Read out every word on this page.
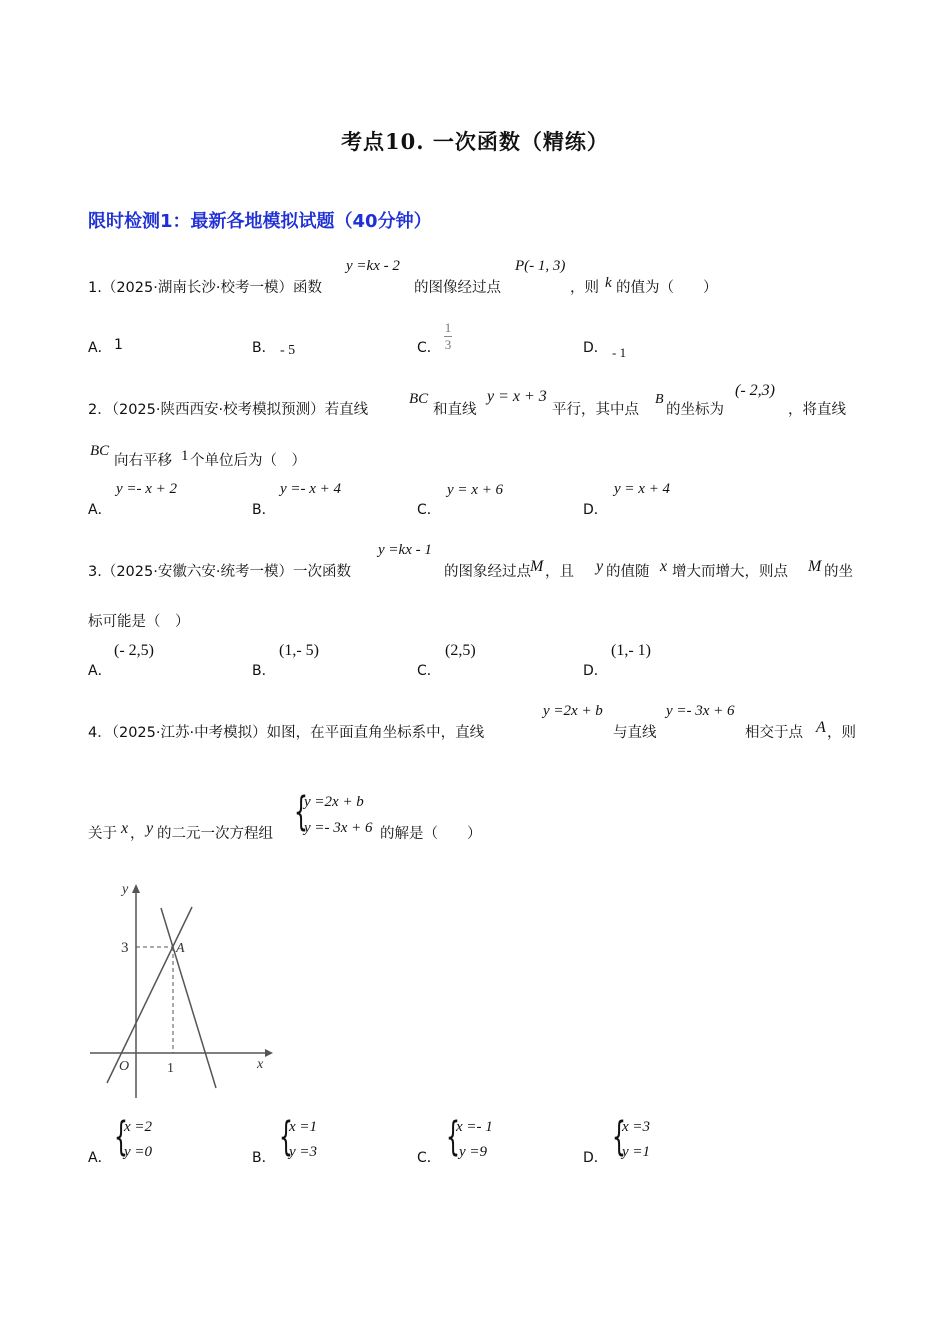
考点10. 一次函数（精练）
限时检测1：最新各地模拟试题（40分钟）
1.（2025·湖南长沙·校考一模）函数
y =kx - 2
的图像经过点
P(- 1, 3)
，则 k 的值为（　　）
A． 1	B． - 5	C．
1
3	D． - 1
2．（2025·陕西西安·校考模拟预测）若直线
BC
和直线
y = x + 3
平行，其中点
B
的坐标为
(- 2,3)
，将直线
BC
向右平移 1 个单位后为（　）
A．
y =- x + 2
B．
y =- x + 4
C．
y = x + 6
D．
y = x + 4
3.（2025·安徽六安·统考一模）一次函数
y =kx - 1
的图象经过点 M ，且 y 的值随 x 增大而增大，则点 M 的坐
标可能是（　）
A．
(- 2,5)
B．
(1,- 5)
C．
(2,5)
D．
(1,- 1)
4．（2025·江苏·中考模拟）如图，在平面直角坐标系中，直线
y =2x + b
与直线
y =- 3x + 6
相交于点 A ，则
关于 x ， y 的二元一次方程组 {
y =2x + b
y =- 3x + 6 的解是（　　）
y
x
O	1
3	A
A． {
x =2
y =0	B． {
x =1
y =3	C． {
x =- 1
y =9	D． {
x =3
y =1
